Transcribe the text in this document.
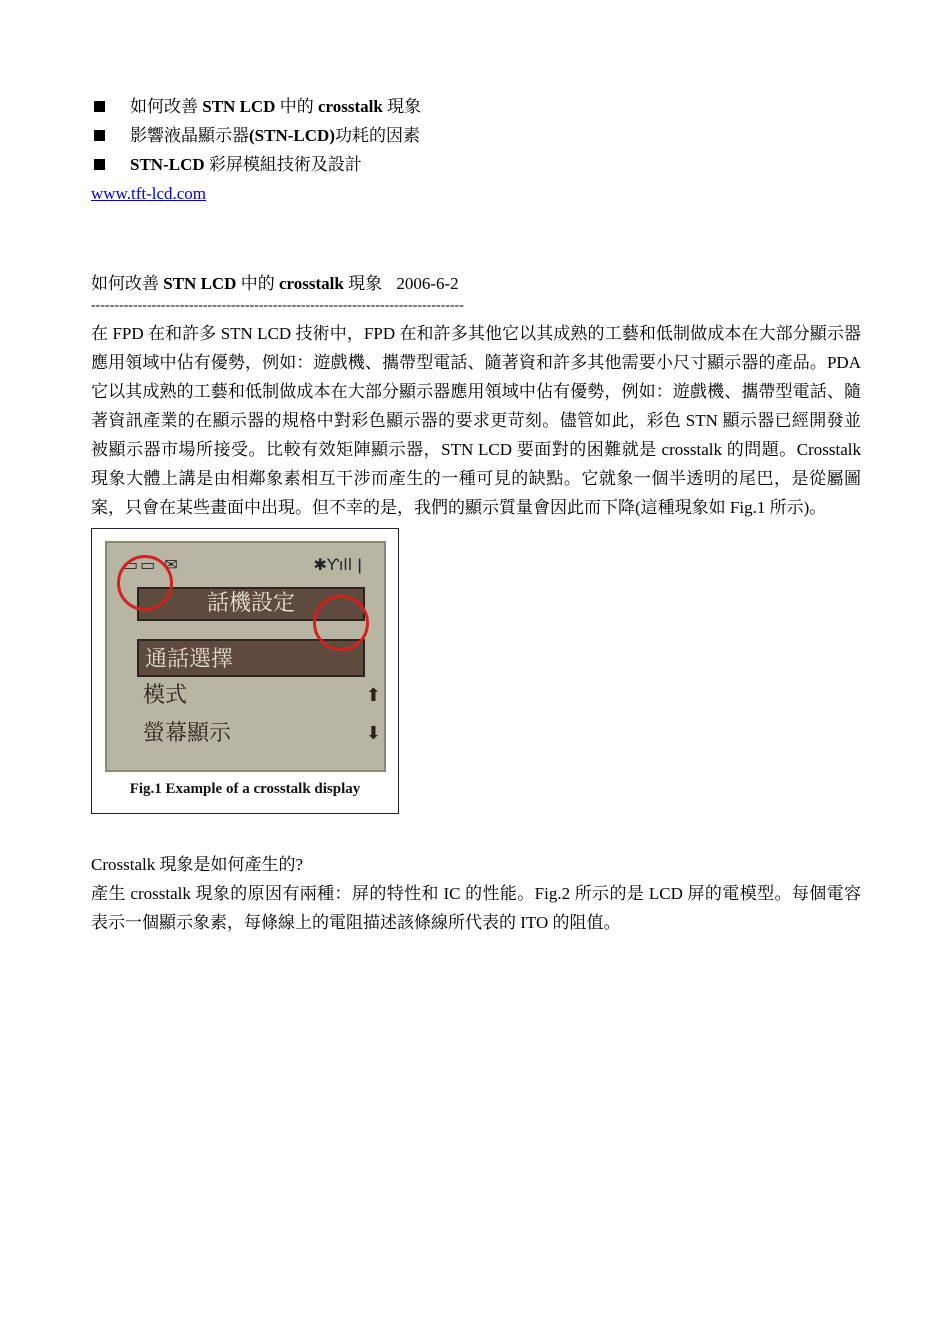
如何改善 STN LCD 中的 crosstalk 現象
影響液晶顯示器(STN-LCD)功耗的因素
STN-LCD 彩屏模組技術及設計
www.tft-lcd.com
如何改善 STN LCD 中的 crosstalk 現象 2006-6-2
--------------------------------------------------------------------------------

在 FPD 在和許多 STN LCD 技術中，FPD 在和許多其他它以其成熟的工藝和低制做成本在大部分顯示器應用領域中佔有優勢，例如：遊戲機、攜帶型電話、隨著資和許多其他需要小尺寸顯示器的產品。PDA 它以其成熟的工藝和低制做成本在大部分顯示器應用領域中佔有優勢，例如：遊戲機、攜帶型電話、隨著資訊產業的在顯示器的規格中對彩色顯示器的要求更苛刻。儘管如此，彩色 STN 顯示器已經開發並被顯示器市場所接受。比較有效矩陣顯示器，STN LCD 要面對的困難就是 crosstalk 的問題。Crosstalk 現象大體上講是由相鄰象素相互干涉而產生的一種可見的缺點。它就象一個半透明的尾巴，是從屬圖案，只會在某些畫面中出現。但不幸的是，我們的顯示質量會因此而下降(這種現象如 Fig.1 所示)。

▭▭ ✉	✱Ƴıll ǀ
話機設定
通話選擇
模式	⬆
螢幕顯示	⬇
Fig.1 Example of a crosstalk display

Crosstalk 現象是如何產生的?

產生 crosstalk 現象的原因有兩種：屏的特性和 IC 的性能。Fig.2 所示的是 LCD 屏的電模型。每個電容表示一個顯示象素，每條線上的電阻描述該條線所代表的 ITO 的阻值。
